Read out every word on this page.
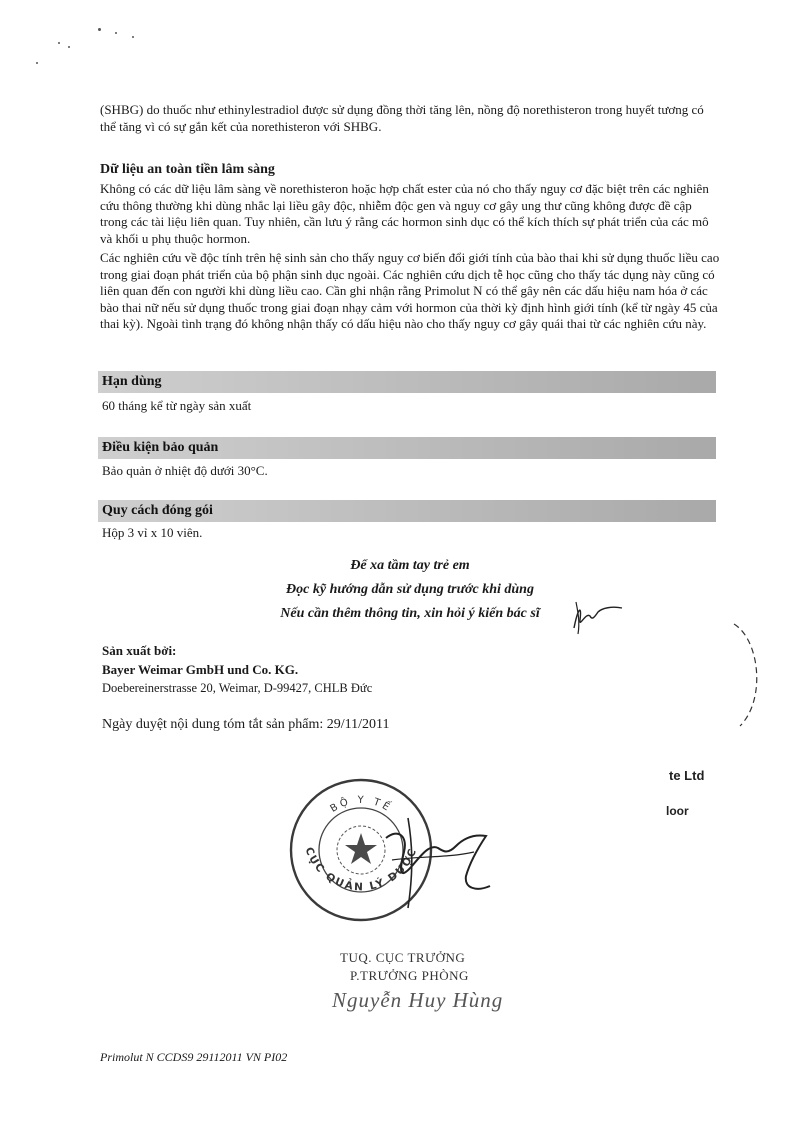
(SHBG) do thuốc như ethinylestradiol được sử dụng đồng thời tăng lên, nồng độ norethisteron trong huyết tương có thể tăng vì có sự gắn kết của norethisteron với SHBG.

Dữ liệu an toàn tiền lâm sàng

Không có các dữ liệu lâm sàng về norethisteron hoặc hợp chất ester của nó cho thấy nguy cơ đặc biệt trên các nghiên cứu thông thường khi dùng nhắc lại liều gây độc, nhiễm độc gen và nguy cơ gây ung thư cũng không được đề cập trong các tài liệu liên quan. Tuy nhiên, cần lưu ý rằng các hormon sinh dục có thể kích thích sự phát triển của các mô và khối u phụ thuộc hormon.

Các nghiên cứu về độc tính trên hệ sinh sản cho thấy nguy cơ biến đổi giới tính của bào thai khi sử dụng thuốc liều cao trong giai đoạn phát triển của bộ phận sinh dục ngoài. Các nghiên cứu dịch tễ học cũng cho thấy tác dụng này cũng có liên quan đến con người khi dùng liều cao. Cần ghi nhận rằng Primolut N có thể gây nên các dấu hiệu nam hóa ở các bào thai nữ nếu sử dụng thuốc trong giai đoạn nhạy cảm với hormon của thời kỳ định hình giới tính (kể từ ngày 45 của thai kỳ). Ngoài tình trạng đó không nhận thấy có dấu hiệu nào cho thấy nguy cơ gây quái thai từ các nghiên cứu này.

Hạn dùng

60 tháng kể từ ngày sản xuất

Điều kiện bảo quản

Bảo quản ở nhiệt độ dưới 30°C.

Quy cách đóng gói

Hộp 3 vỉ x 10 viên.

Để xa tầm tay trẻ em

Đọc kỹ hướng dẫn sử dụng trước khi dùng

Nếu cần thêm thông tin, xin hỏi ý kiến bác sĩ

Sản xuất bởi:

Bayer Weimar GmbH und Co. KG.

Doebereinerstrasse 20, Weimar, D-99427, CHLB Đức

Ngày duyệt nội dung tóm tắt sản phẩm: 29/11/2011

te Ltd
loor
BỘ Y TẾ
CỤC QUẢN LÝ DƯỢC
TUQ. CỤC TRƯỞNG
P.TRƯỞNG PHÒNG
Nguyễn Huy Hùng

Primolut N CCDS9 29112011 VN PI02
